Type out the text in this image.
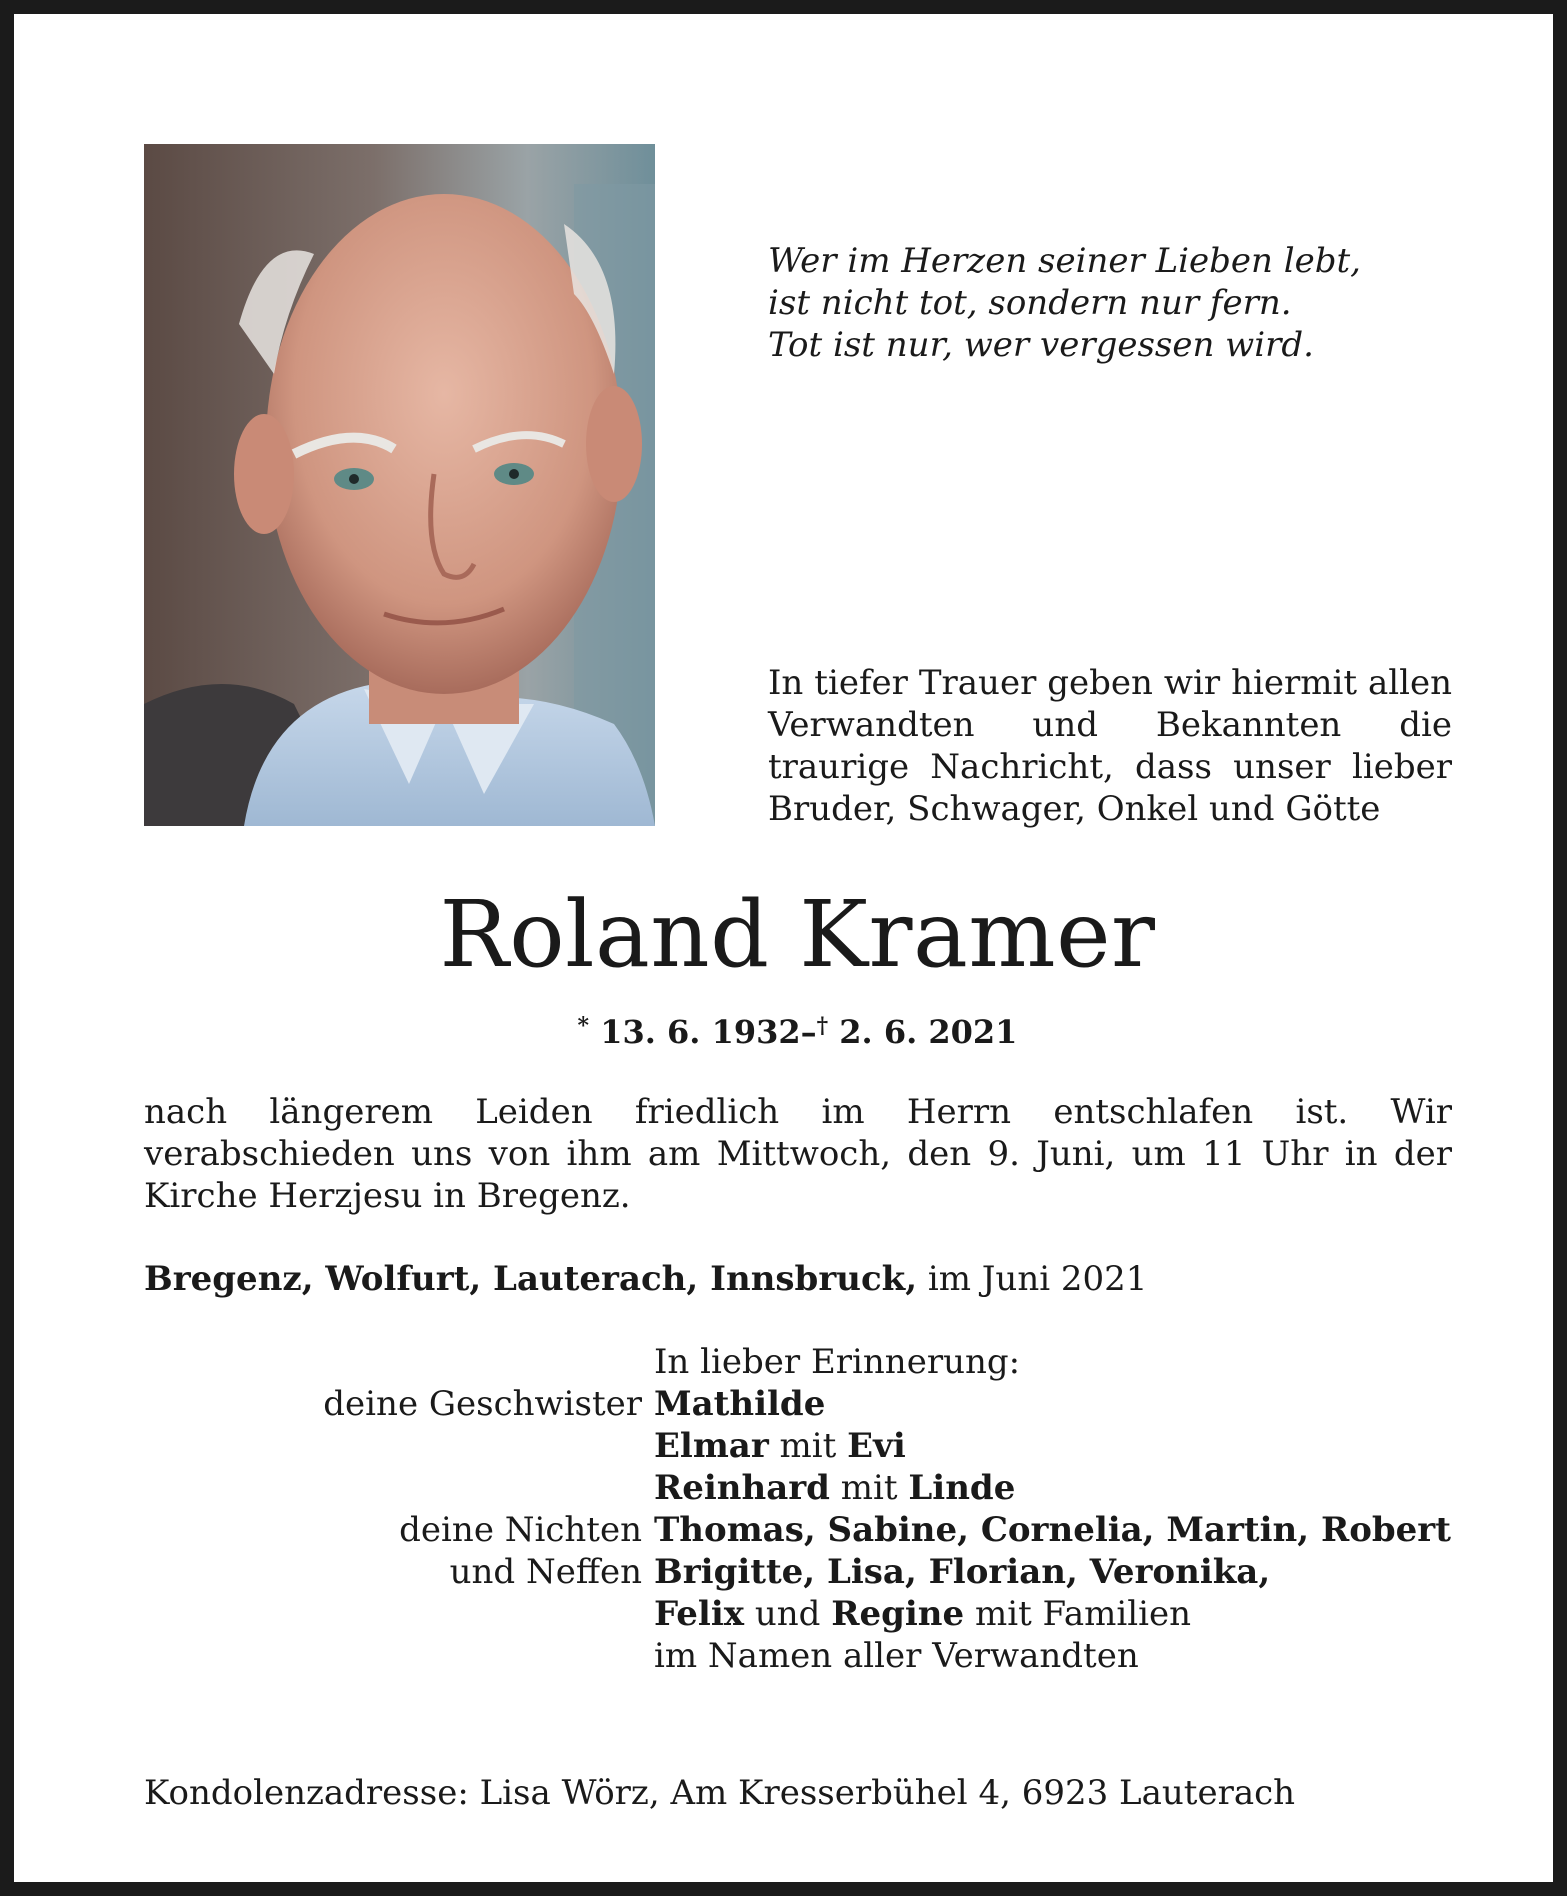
Wer im Herzen seiner Lieben lebt,
ist nicht tot, sondern nur fern.
Tot ist nur, wer vergessen wird.
In tiefer Trauer geben wir hiermit allen Verwandten und Bekannten die traurige Nachricht, dass unser lieber Bruder, Schwager, Onkel und Götte
Roland Kramer
* 13. 6. 1932–† 2. 6. 2021
nach längerem Leiden friedlich im Herrn entschlafen ist. Wir verabschieden uns von ihm am Mittwoch, den 9. Juni, um 11 Uhr in der Kirche Herzjesu in Bregenz.
Bregenz, Wolfurt, Lauterach, Innsbruck, im Juni 2021
In lieber Erinnerung:
deine Geschwister Mathilde
Elmar mit Evi
Reinhard mit Linde
deine Nichten Thomas, Sabine, Cornelia, Martin, Robert
und Neffen Brigitte, Lisa, Florian, Veronika,
Felix und Regine mit Familien
im Namen aller Verwandten
Kondolenzadresse: Lisa Wörz, Am Kresserbühel 4, 6923 Lauterach
